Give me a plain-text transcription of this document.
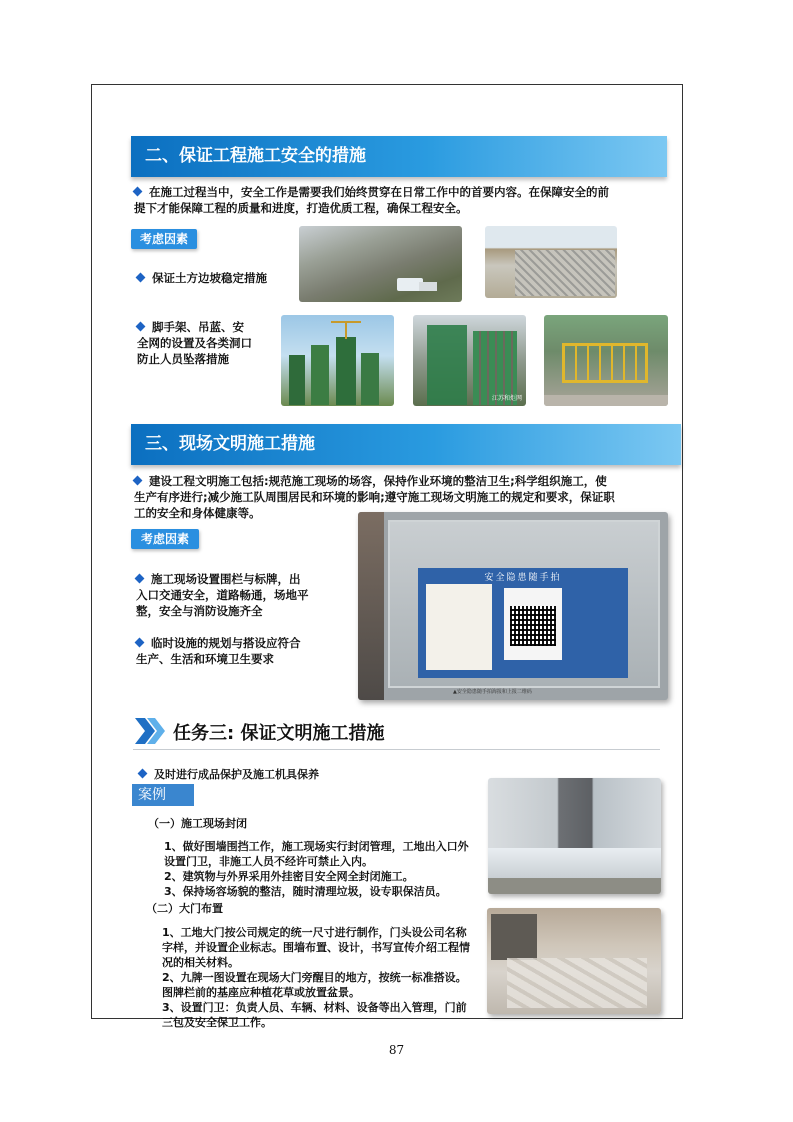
二、保证工程施工安全的措施
在施工过程当中，安全工作是需要我们始终贯穿在日常工作中的首要内容。在保障安全的前
提下才能保障工程的质量和进度，打造优质工程，确保工程安全。
考虑因素
保证土方边坡稳定措施
脚手架、吊蓝、安
全网的设置及各类洞口
防止人员坠落措施
江苏和炬网
三、现场文明施工措施
建设工程文明施工包括:规范施工现场的场容，保持作业环境的整洁卫生;科学组织施工，使
生产有序进行;减少施工队周围居民和环境的影响;遵守施工现场文明施工的规定和要求，保证职
工的安全和身体健康等。
考虑因素
施工现场设置围栏与标牌，出
入口交通安全，道路畅通，场地平
整，安全与消防设施齐全
临时设施的规划与搭设应符合
生产、生活和环境卫生要求
安全隐患随手拍
▲安全隐患随手拍海报和上报二维码
任务三: 保证文明施工措施
及时进行成品保护及施工机具保养
案例
（一）施工现场封闭
1、做好围墙围挡工作，施工现场实行封闭管理，工地出入口外
设置门卫，非施工人员不经许可禁止入内。
2、建筑物与外界采用外挂密目安全网全封闭施工。
3、保持场容场貌的整洁，随时清理垃圾，设专职保洁员。
（二）大门布置
1、工地大门按公司规定的统一尺寸进行制作，门头设公司名称
字样，并设置企业标志。围墙布置、设计，书写宣传介绍工程情
况的相关材料。
2、九牌一图设置在现场大门旁醒目的地方，按统一标准搭设。
图牌栏前的基座应种植花草或放置盆景。
3、设置门卫：负责人员、车辆、材料、设备等出入管理，门前
三包及安全保卫工作。
87
